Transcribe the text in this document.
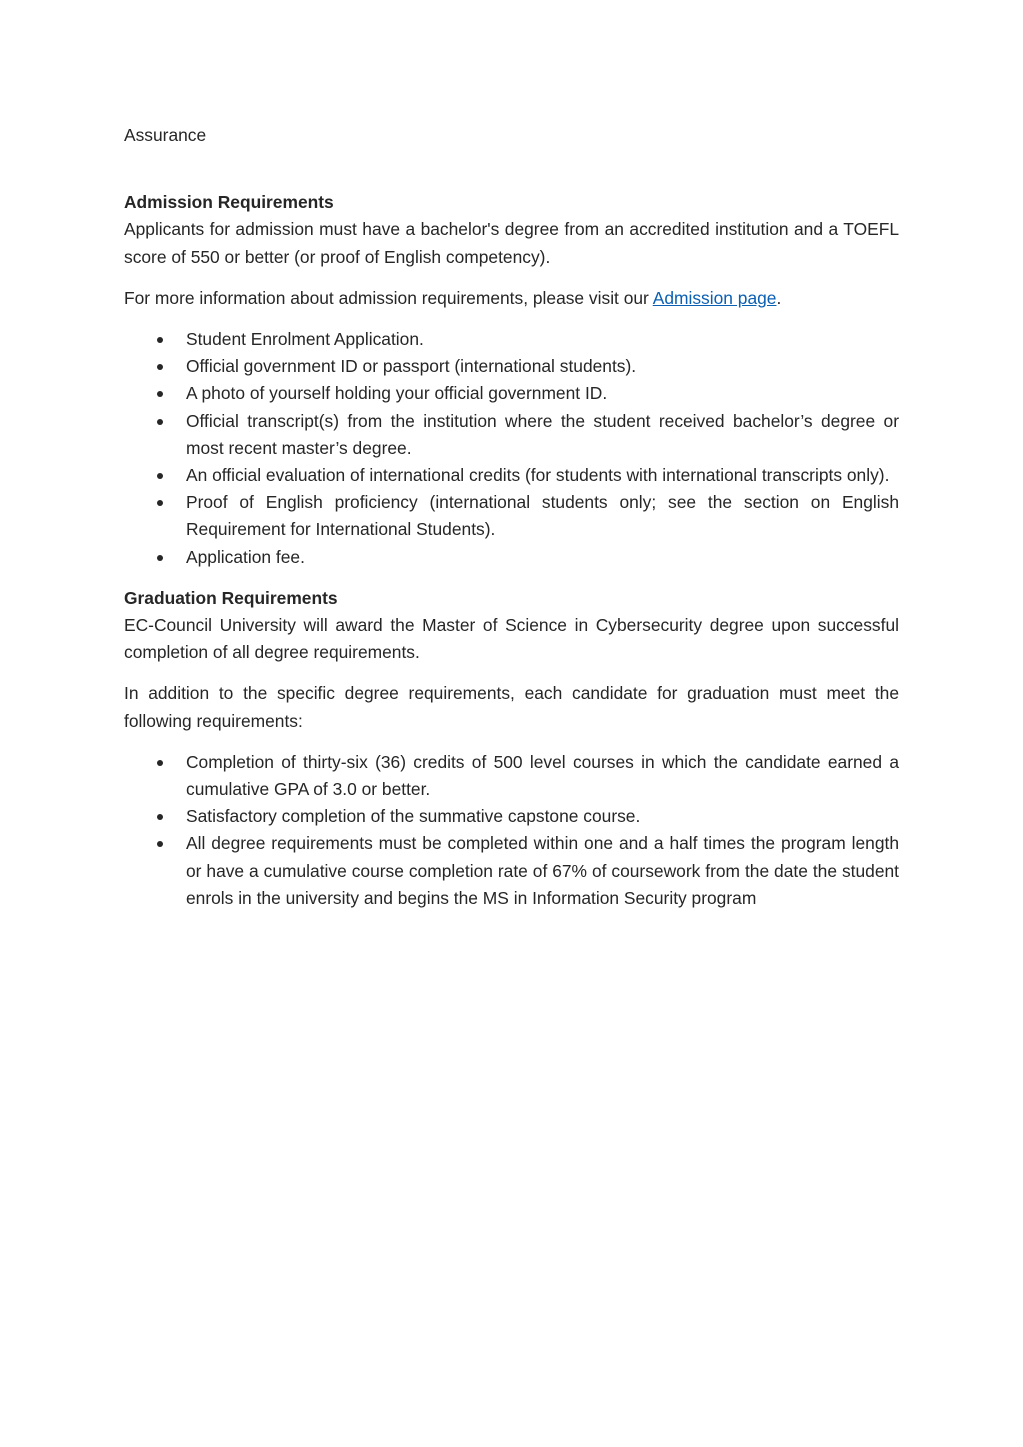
Assurance

Admission Requirements

Applicants for admission must have a bachelor's degree from an accredited institution and a TOEFL score of 550 or better (or proof of English competency).

For more information about admission requirements, please visit our Admission page.

Student Enrolment Application.
Official government ID or passport (international students).
A photo of yourself holding your official government ID.
Official transcript(s) from the institution where the student received bachelor’s degree or most recent master’s degree.
An official evaluation of international credits (for students with international transcripts only).
Proof of English proficiency (international students only; see the section on English Requirement for International Students).
Application fee.

Graduation Requirements

EC-Council University will award the Master of Science in Cybersecurity degree upon successful completion of all degree requirements.

In addition to the specific degree requirements, each candidate for graduation must meet the following requirements:

Completion of thirty-six (36) credits of 500 level courses in which the candidate earned a cumulative GPA of 3.0 or better.
Satisfactory completion of the summative capstone course.
All degree requirements must be completed within one and a half times the program length or have a cumulative course completion rate of 67% of coursework from the date the student enrols in the university and begins the MS in Information Security program
